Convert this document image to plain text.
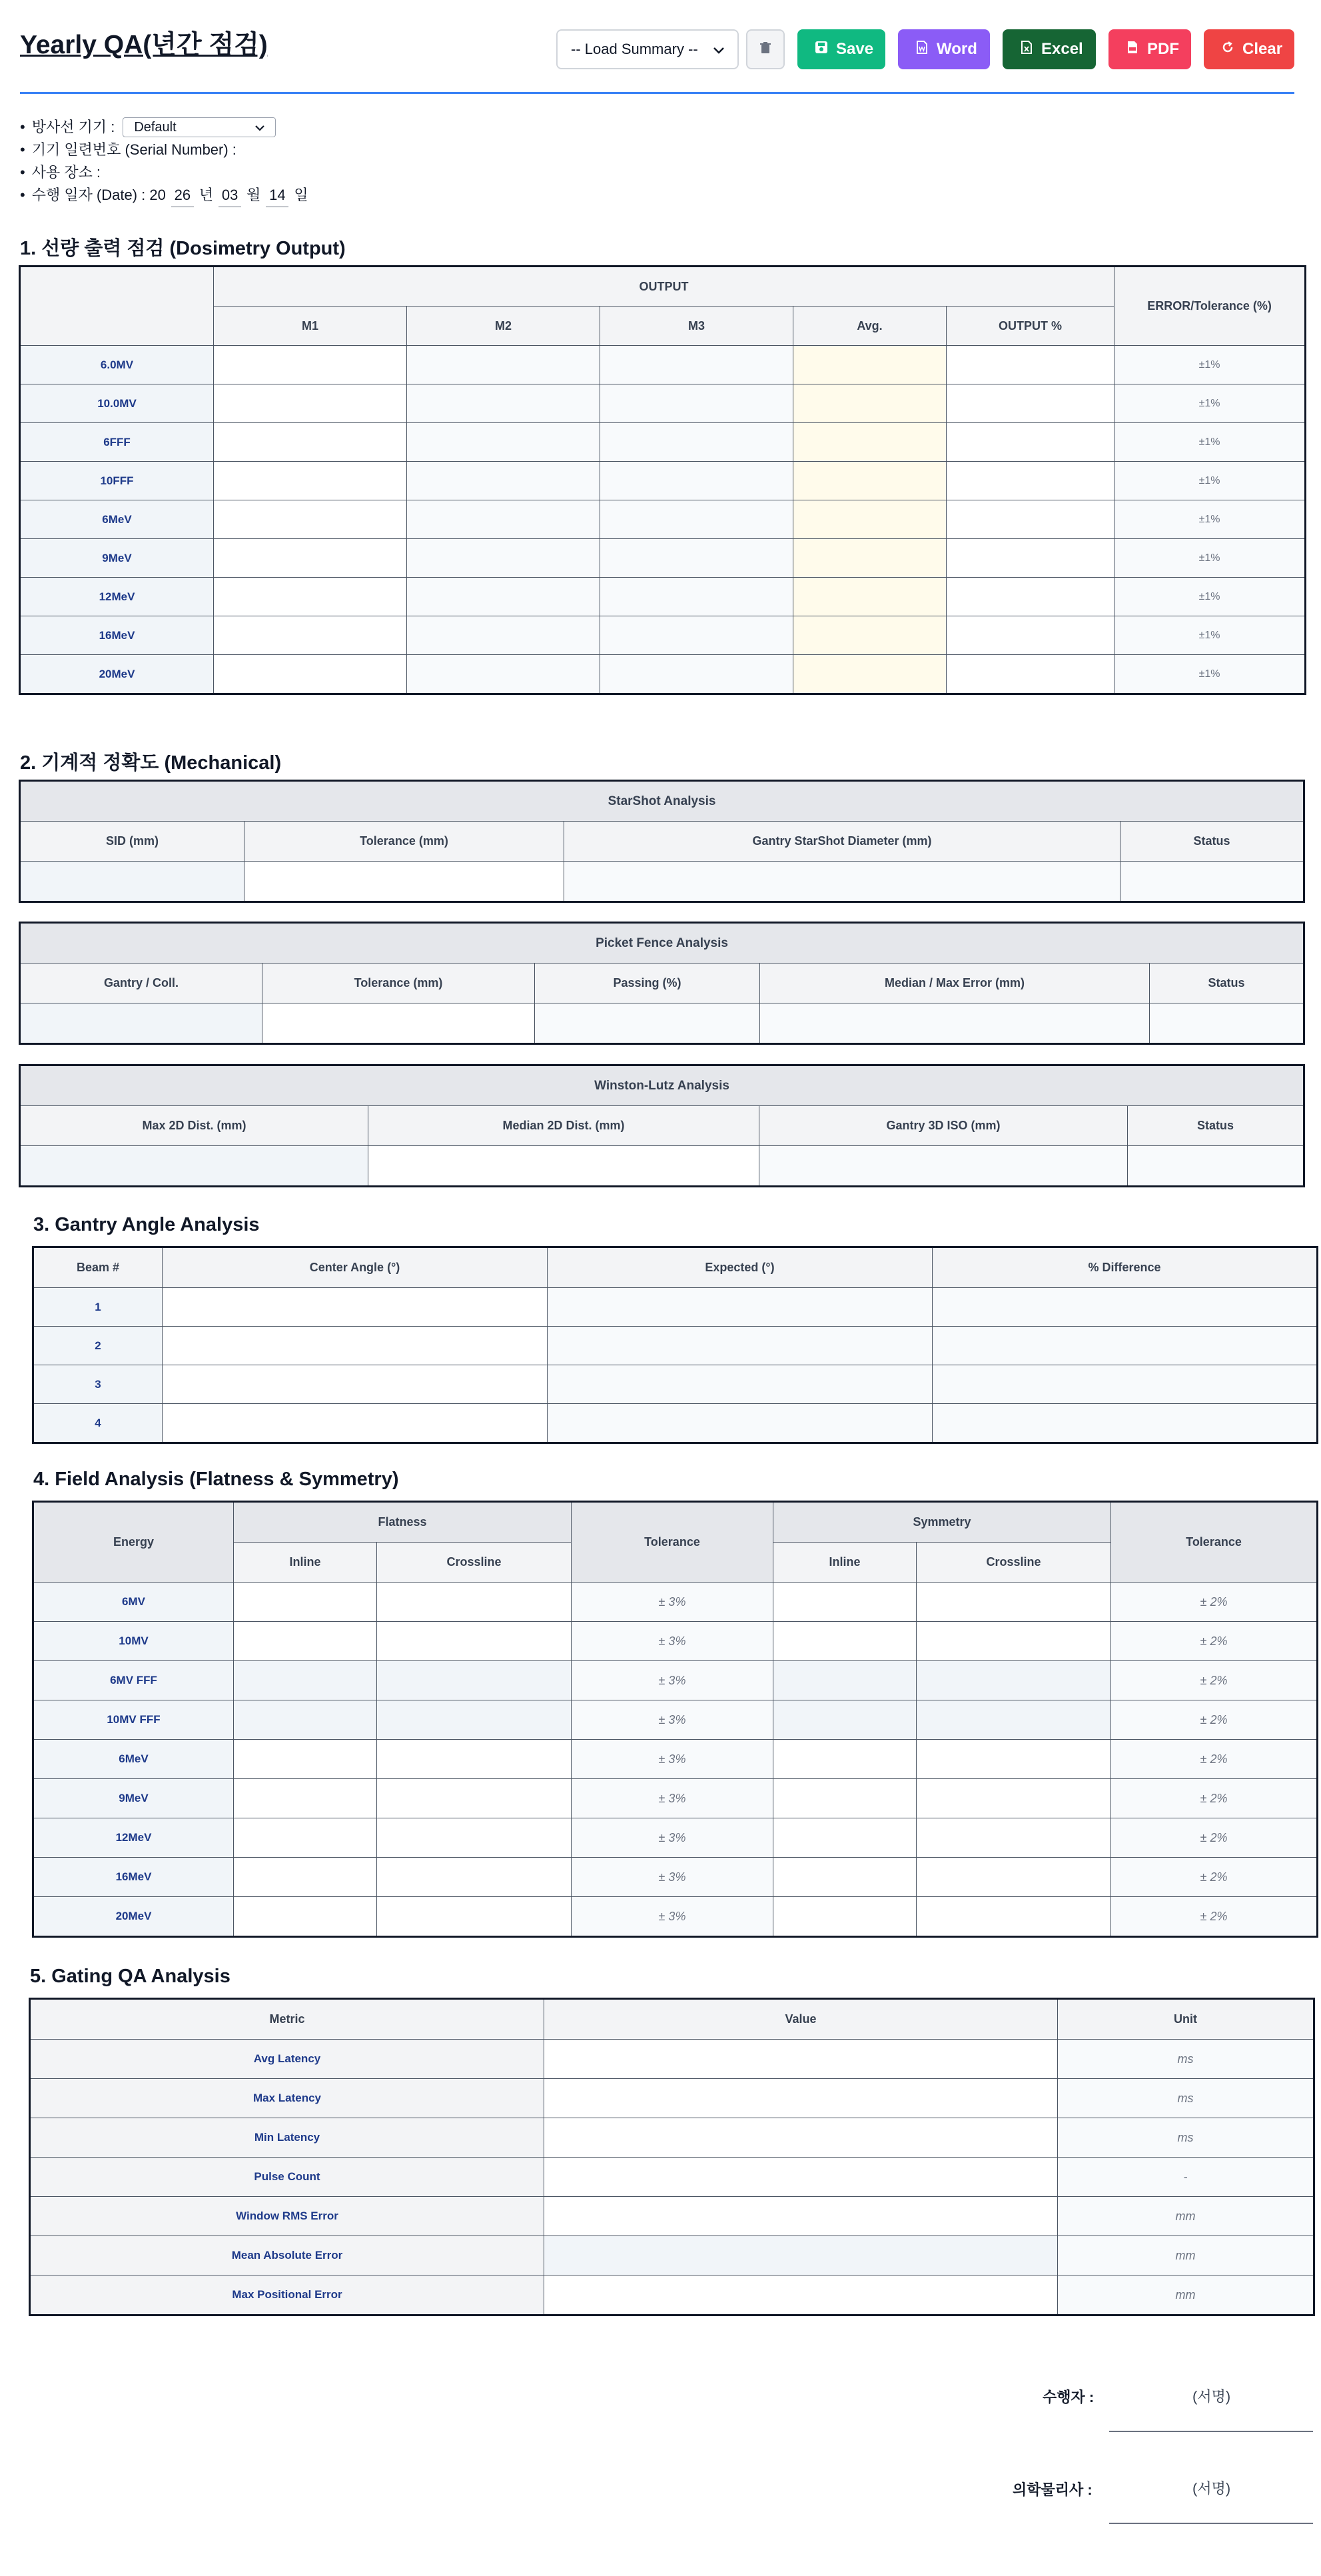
Yearly QA(년간 점검)	-- Load Summary --	Save	Word	Excel	PDF	Clear
• 방사선 기기 : Default
• 기기 일련번호 (Serial Number) :
• 사용 장소 :
• 수행 일자 (Date) : 20 26 년 03 월 14 일
1. 선량 출력 점검 (Dosimetry Output)
	OUTPUT					ERROR/Tolerance (%)
	M1	M2	M3	Avg.	OUTPUT %	
6.0MV						±1%
10.0MV						±1%
6FFF						±1%
10FFF						±1%
6MeV						±1%
9MeV						±1%
12MeV						±1%
16MeV						±1%
20MeV						±1%
2. 기계적 정확도 (Mechanical)
StarShot Analysis			
SID (mm)	Tolerance (mm)	Gantry StarShot Diameter (mm)	Status

Picket Fence Analysis				
Gantry / Coll.	Tolerance (mm)	Passing (%)	Median / Max Error (mm)	Status

Winston-Lutz Analysis			
Max 2D Dist. (mm)	Median 2D Dist. (mm)	Gantry 3D ISO (mm)	Status

3. Gantry Angle Analysis
Beam #	Center Angle (°)	Expected (°)	% Difference
1			
2			
3			
4			
4. Field Analysis (Flatness & Symmetry)
Energy	Flatness		Tolerance	Symmetry		Tolerance
	Inline	Crossline		Inline	Crossline	
6MV			± 3%			± 2%
10MV			± 3%			± 2%
6MV FFF			± 3%			± 2%
10MV FFF			± 3%			± 2%
6MeV			± 3%			± 2%
9MeV			± 3%			± 2%
12MeV			± 3%			± 2%
16MeV			± 3%			± 2%
20MeV			± 3%			± 2%
5. Gating QA Analysis
Metric	Value	Unit
Avg Latency		ms
Max Latency		ms
Min Latency		ms
Pulse Count		-
Window RMS Error		mm
Mean Absolute Error		mm
Max Positional Error		mm
수행자 :	(서명)
의학물리사 :	(서명)
